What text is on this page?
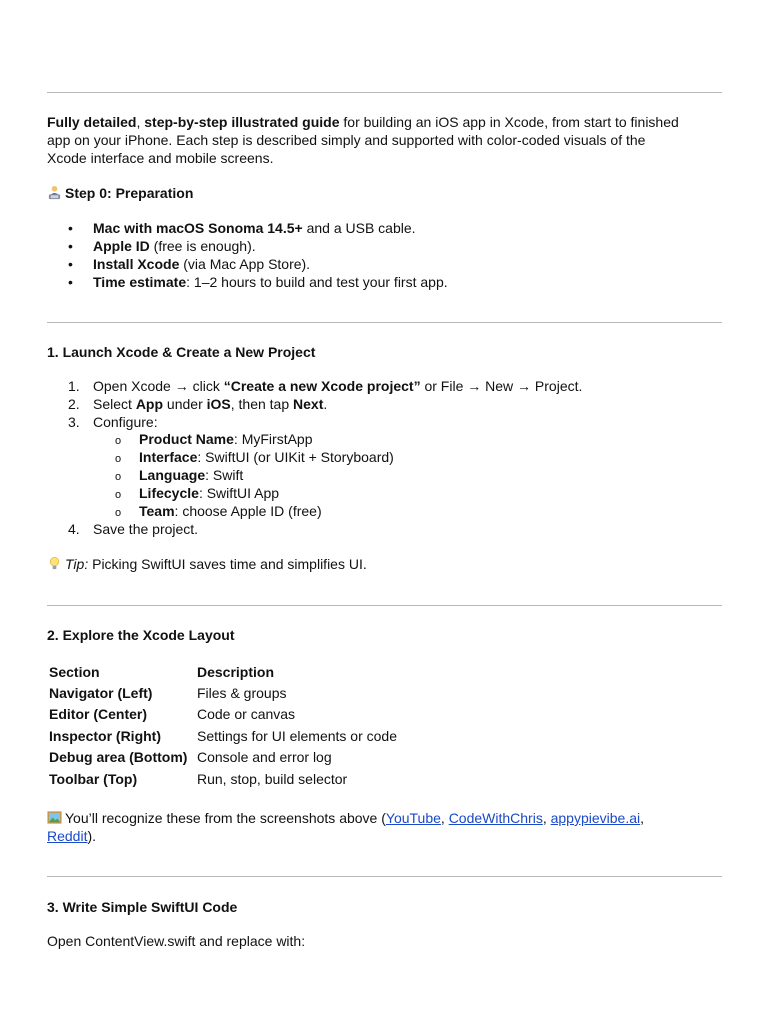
Fully detailed, step-by-step illustrated guide for building an iOS app in Xcode, from start to finished
app on your iPhone. Each step is described simply and supported with color-coded visuals of the
Xcode interface and mobile screens.
Step 0: Preparation
• Mac with macOS Sonoma 14.5+ and a USB cable.
• Apple ID (free is enough).
• Install Xcode (via Mac App Store).
• Time estimate: 1–2 hours to build and test your first app.
1. Launch Xcode & Create a New Project
1. Open Xcode → click “Create a new Xcode project” or File → New → Project.
2. Select App under iOS, then tap Next.
3. Configure:
o Product Name: MyFirstApp
o Interface: SwiftUI (or UIKit + Storyboard)
o Language: Swift
o Lifecycle: SwiftUI App
o Team: choose Apple ID (free)
4. Save the project.
Tip: Picking SwiftUI saves time and simplifies UI.
2. Explore the Xcode Layout
Section	Description
Navigator (Left)	Files & groups
Editor (Center)	Code or canvas
Inspector (Right)	Settings for UI elements or code
Debug area (Bottom)	Console and error log
Toolbar (Top)	Run, stop, build selector
You’ll recognize these from the screenshots above (YouTube, CodeWithChris, appypievibe.ai,
Reddit).
3. Write Simple SwiftUI Code
Open ContentView.swift and replace with:
